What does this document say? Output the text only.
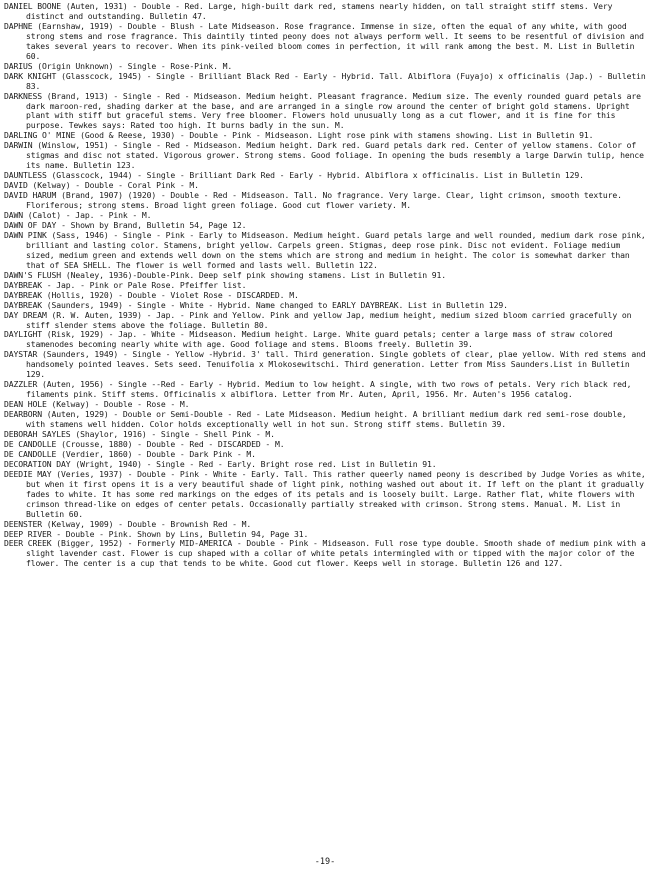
DANIEL BOONE (Auten, 1931) - Double - Red. Large, high-built dark red, stamens nearly hidden, on tall straight stiff stems. Very distinct and outstanding. Bulletin 47.
DAPHNE (Earnshaw, 1919) - Double - Blush - Late Midseason. Rose fragrance. Immense in size, often the equal of any white, with good strong stems and rose fragrance. This daintily tinted peony does not always perform well. It seems to be resentful of division and takes several years to recover. When its pink-veiled bloom comes in perfection, it will rank among the best. M. List in Bulletin 60.
DARIUS (Origin Unknown) - Single - Rose-Pink. M.
DARK KNIGHT (Glasscock, 1945) - Single - Brilliant Black Red - Early - Hybrid. Tall. Albiflora (Fuyajo) x officinalis (Jap.) - Bulletin 83.
DARKNESS (Brand, 1913) - Single - Red - Midseason. Medium height. Pleasant fragrance. Medium size. The evenly rounded guard petals are dark maroon-red, shading darker at the base, and are arranged in a single row around the center of bright gold stamens. Upright plant with stiff but graceful stems. Very free bloomer. Flowers hold unusually long as a cut flower, and it is fine for this purpose. Tewkes says: Rated too high. It burns badly in the sun. M.
DARLING O' MINE (Good & Reese, 1930) - Double - Pink - Midseason. Light rose pink with stamens showing. List in Bulletin 91.
DARWIN (Winslow, 1951) - Single - Red - Midseason. Medium height. Dark red. Guard petals dark red. Center of yellow stamens. Color of stigmas and disc not stated. Vigorous grower. Strong stems. Good foliage. In opening the buds resembly a large Darwin tulip, hence its name. Bulletin 123.
DAUNTLESS (Glasscock, 1944) - Single - Brilliant Dark Red - Early - Hybrid. Albiflora x officinalis. List in Bulletin 129.
DAVID (Kelway) - Double - Coral Pink - M.
DAVID HARUM (Brand, 1907) (1920) - Double - Red - Midseason. Tall. No fragrance. Very large. Clear, light crimson, smooth texture. Floriferous; strong stems. Broad light green foliage. Good cut flower variety. M.
DAWN (Calot) - Jap. - Pink - M.
DAWN OF DAY - Shown by Brand, Bulletin 54, Page 12.
DAWN PINK (Sass, 1946) - Single - Pink - Early to Midseason. Medium height. Guard petals large and well rounded, medium dark rose pink, brilliant and lasting color. Stamens, bright yellow. Carpels green. Stigmas, deep rose pink. Disc not evident. Foliage medium sized, medium green and extends well down on the stems which are strong and medium in height. The color is somewhat darker than that of SEA SHELL. The flower is well formed and lasts well. Bulletin 122.
DAWN'S FLUSH (Nealey, 1936)-Double-Pink. Deep self pink showing stamens. List in Bulletin 91.
DAYBREAK - Jap. - Pink or Pale Rose. Pfeiffer list.
DAYBREAK (Hollis, 1920) - Double - Violet Rose - DISCARDED. M.
DAYBREAK (Saunders, 1949) - Single - White - Hybrid. Name changed to EARLY DAYBREAK. List in Bulletin 129.
DAY DREAM (R. W. Auten, 1939) - Jap. - Pink and Yellow. Pink and yellow Jap, medium height, medium sized bloom carried gracefully on stiff slender stems above the foliage. Bulletin 80.
DAYLIGHT (Risk, 1929) - Jap. - White - Midseason. Medium height. Large. White guard petals; center a large mass of straw colored stamenodes becoming nearly white with age. Good foliage and stems. Blooms freely. Bulletin 39.
DAYSTAR (Saunders, 1949) - Single - Yellow -Hybrid. 3' tall. Third generation. Single goblets of clear, plae yellow. With red stems and handsomely pointed leaves. Sets seed. Tenuifolia x Mlokosewitschi. Third generation. Letter from Miss Saunders.List in Bulletin 129.
DAZZLER (Auten, 1956) - Single --Red - Early - Hybrid. Medium to low height. A single, with two rows of petals. Very rich black red, filaments pink. Stiff stems. Officinalis x albiflora. Letter from Mr. Auten, April, 1956. Mr. Auten's 1956 catalog.
DEAN HOLE (Kelway) - Double - Rose - M.
DEARBORN (Auten, 1929) - Double or Semi-Double - Red - Late Midseason. Medium height. A brilliant medium dark red semi-rose double, with stamens well hidden. Color holds exceptionally well in hot sun. Strong stiff stems. Bulletin 39.
DEBORAH SAYLES (Shaylor, 1916) - Single - Shell Pink - M.
DE CANDOLLE (Crousse, 1880) - Double - Red - DISCARDED - M.
DE CANDOLLE (Verdier, 1860) - Double - Dark Pink - M.
DECORATION DAY (Wright, 1940) - Single - Red - Early. Bright rose red. List in Bulletin 91.
DEEDIE MAY (Veries, 1937) - Double - Pink - White - Early. Tall. This rather queerly named peony is described by Judge Vories as white, but when it first opens it is a very beautiful shade of light pink, nothing washed out about it. If left on the plant it gradually fades to white. It has some red markings on the edges of its petals and is loosely built. Large. Rather flat, white flowers with crimson thread-like on edges of center petals. Occasionally partially streaked with crimson. Strong stems. Manual. M. List in Bulletin 60.
DEENSTER (Kelway, 1909) - Double - Brownish Red - M.
DEEP RIVER - Double - Pink. Shown by Lins, Bulletin 94, Page 31.
DEER CREEK (Bigger, 1952) - Formerly MID-AMERICA - Double - Pink - Midseason. Full rose type double. Smooth shade of medium pink with a slight lavender cast. Flower is cup shaped with a collar of white petals intermingled with or tipped with the major color of the flower. The center is a cup that tends to be white. Good cut flower. Keeps well in storage. Bulletin 126 and 127.
-19-
